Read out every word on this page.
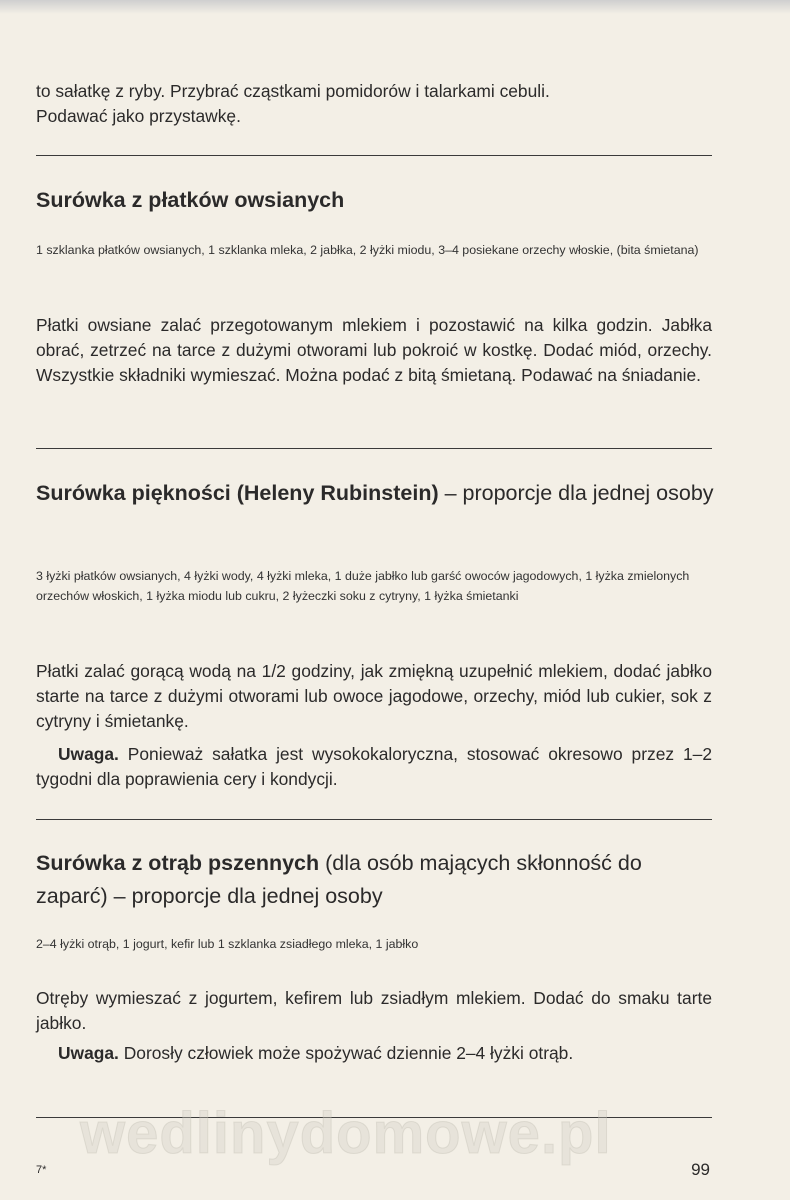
to sałatkę z ryby. Przybrać cząstkami pomidorów i talarkami cebuli.
Podawać jako przystawkę.

Surówka z płatków owsianych

1 szklanka płatków owsianych, 1 szklanka mleka, 2 jabłka, 2 łyżki miodu, 3–4 posiekane orzechy włoskie, (bita śmietana)

Płatki owsiane zalać przegotowanym mlekiem i pozostawić na kilka godzin. Jabłka obrać, zetrzeć na tarce z dużymi otworami lub pokroić w kostkę. Dodać miód, orzechy. Wszystkie składniki wymieszać. Można podać z bitą śmietaną. Podawać na śniadanie.

Surówka piękności (Heleny Rubinstein) – proporcje dla jednej osoby

3 łyżki płatków owsianych, 4 łyżki wody, 4 łyżki mleka, 1 duże jabłko lub garść owoców jagodowych, 1 łyżka zmielonych orzechów włoskich, 1 łyżka miodu lub cukru, 2 łyżeczki soku z cytryny, 1 łyżka śmietanki

Płatki zalać gorącą wodą na 1/2 godziny, jak zmiękną uzupełnić mlekiem, dodać jabłko starte na tarce z dużymi otworami lub owoce jagodowe, orzechy, miód lub cukier, sok z cytryny i śmietankę.

Uwaga. Ponieważ sałatka jest wysokokaloryczna, stosować okresowo przez 1–2 tygodni dla poprawienia cery i kondycji.

Surówka z otrąb pszennych (dla osób mających skłonność do zaparć) – proporcje dla jednej osoby

2–4 łyżki otrąb, 1 jogurt, kefir lub 1 szklanka zsiadłego mleka, 1 jabłko

Otręby wymieszać z jogurtem, kefirem lub zsiadłym mlekiem. Dodać do smaku tarte jabłko.

Uwaga. Dorosły człowiek może spożywać dziennie 2–4 łyżki otrąb.

wedlinydomowe.pl
7*	99
